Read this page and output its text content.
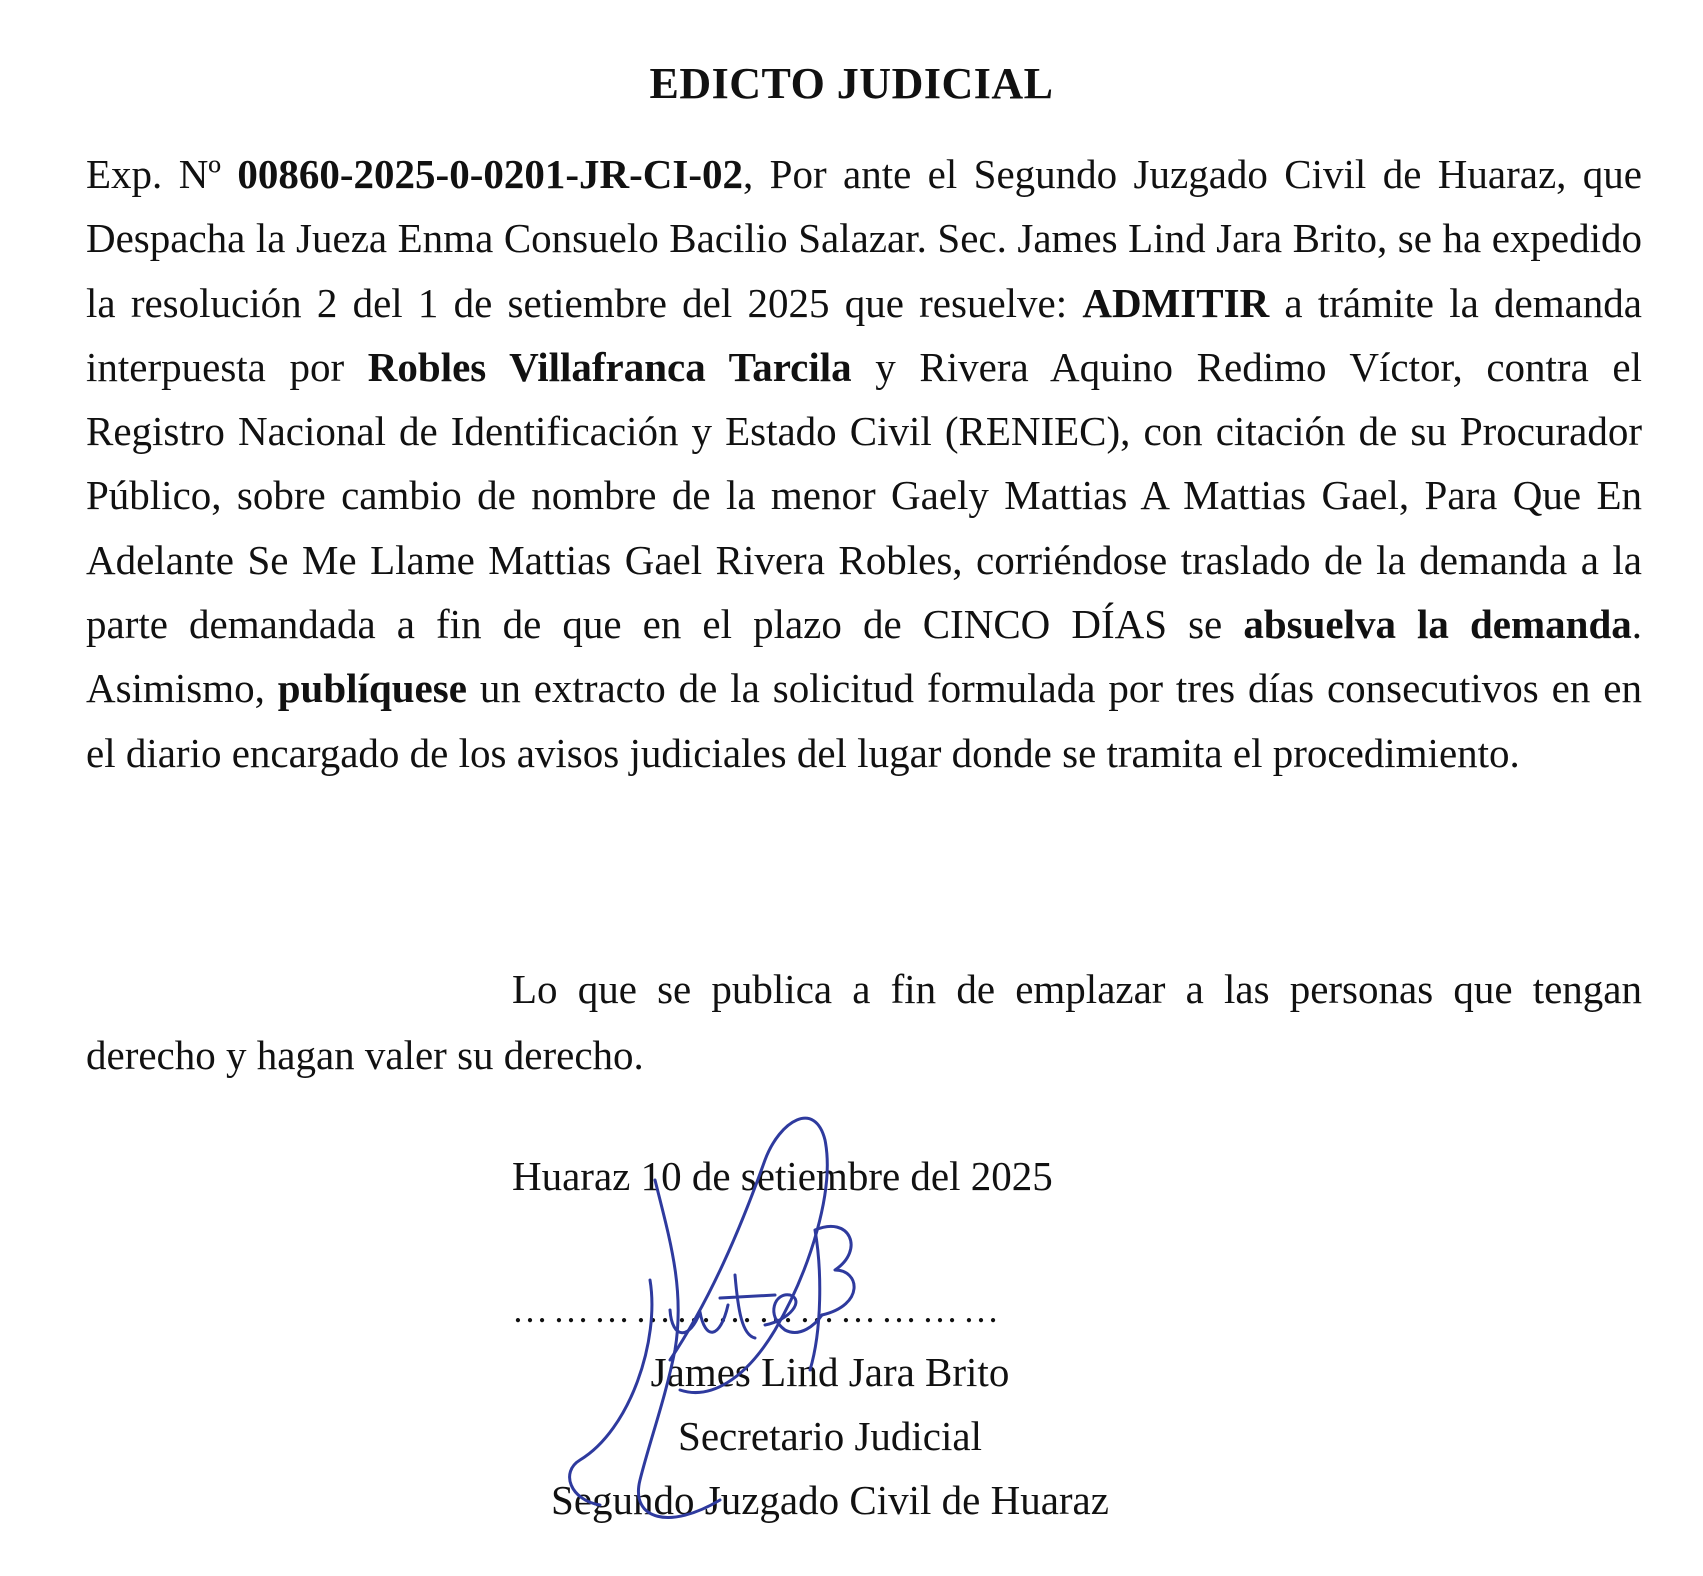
EDICTO JUDICIAL
Exp. Nº 00860-2025-0-0201-JR-CI-02, Por ante el Segundo Juzgado Civil de Huaraz, que Despacha la Jueza Enma Consuelo Bacilio Salazar. Sec. James Lind Jara Brito, se ha expedido la resolución 2 del 1 de setiembre del 2025 que resuelve: ADMITIR a trámite la demanda interpuesta por Robles Villafranca Tarcila y Rivera Aquino Redimo Víctor, contra el Registro Nacional de Identificación y Estado Civil (RENIEC), con citación de su Procurador Público, sobre cambio de nombre de la menor Gaely Mattias A Mattias Gael, Para Que En Adelante Se Me Llame Mattias Gael Rivera Robles, corriéndose traslado de la demanda a la parte demandada a fin de que en el plazo de CINCO DÍAS se absuelva la demanda. Asimismo, publíquese un extracto de la solicitud formulada por tres días consecutivos en en el diario encargado de los avisos judiciales del lugar donde se tramita el procedimiento.
Lo que se publica a fin de emplazar a las personas que tengan derecho y hagan valer su derecho.
Huaraz 10 de setiembre del 2025
………………………………
James Lind Jara Brito
Secretario Judicial
Segundo Juzgado Civil de Huaraz
